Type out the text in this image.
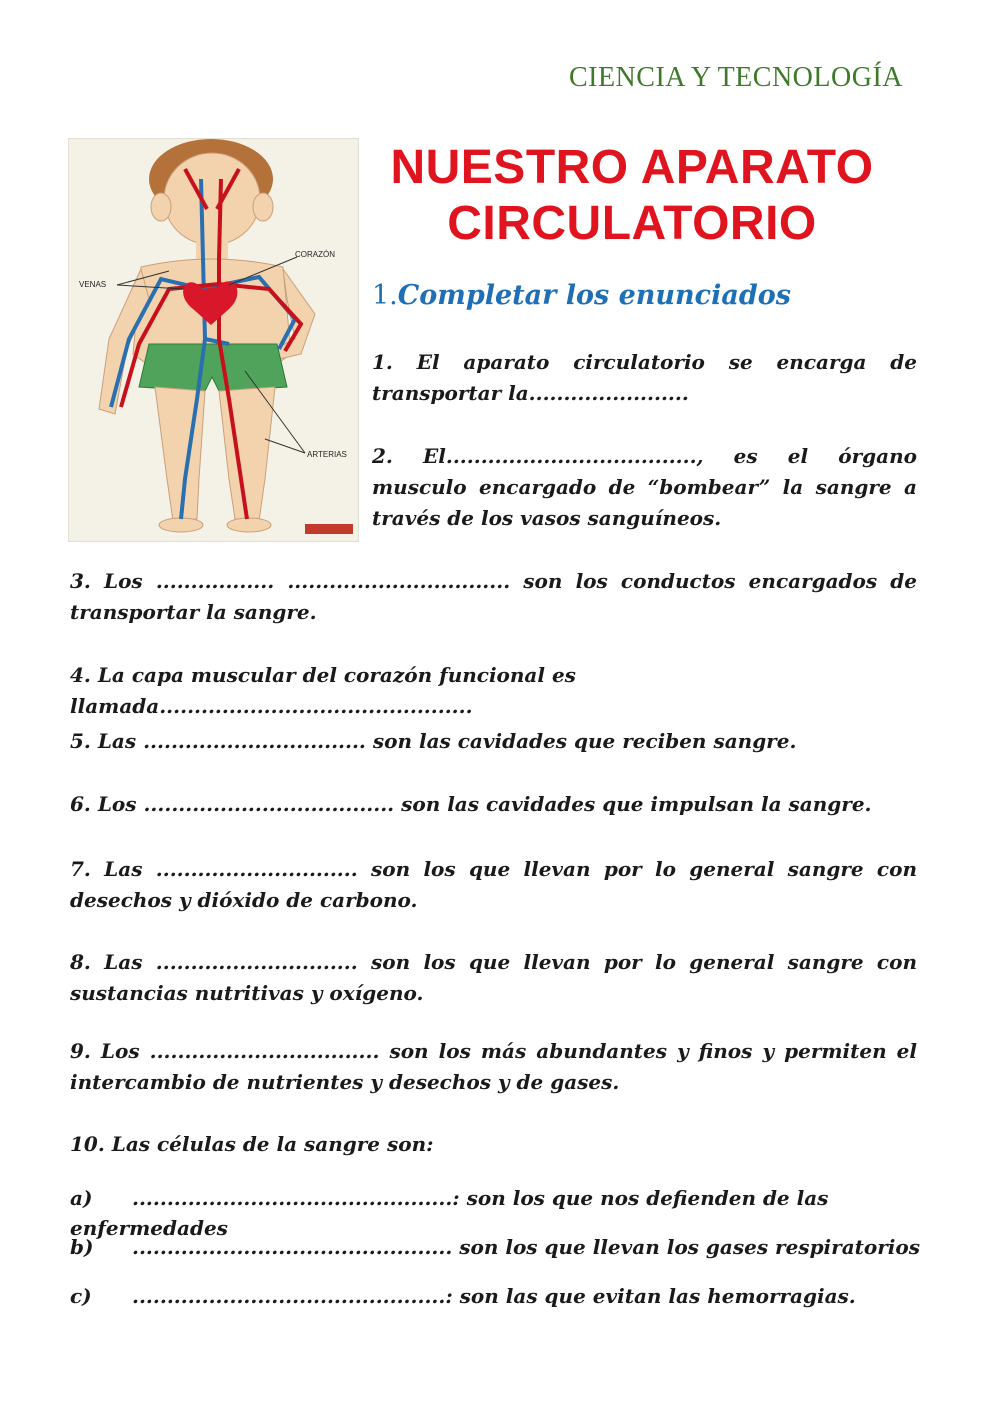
CIENCIA Y TECNOLOGÍA
CORAZÓN
VENAS
ARTERIAS
NUESTRO APARATO
CIRCULATORIO
1.Completar los enunciados
1. El aparato circulatorio se encarga de transportar la.......................
2. El...................................., es el órgano musculo encargado de “bombear” la sangre a través de los vasos sanguíneos.
3. Los ................. ................................ son los conductos encargados de transportar la sangre.
4. La capa muscular del corazón funcional es llamada.............................................
5. Las ................................ son las cavidades que reciben sangre.
6. Los .................................... son las cavidades que impulsan la sangre.
7. Las ............................. son los que llevan por lo general sangre con desechos y dióxido de carbono.
8. Las ............................. son los que llevan por lo general sangre con sustancias nutritivas y oxígeno.
9. Los ................................. son los más abundantes y finos y permiten el intercambio de nutrientes y desechos y de gases.
10. Las células de la sangre son:
a) ..............................................: son los que nos defienden de las enfermedades
b) .............................................. son los que llevan los gases respiratorios
c) .............................................: son las que evitan las hemorragias.
